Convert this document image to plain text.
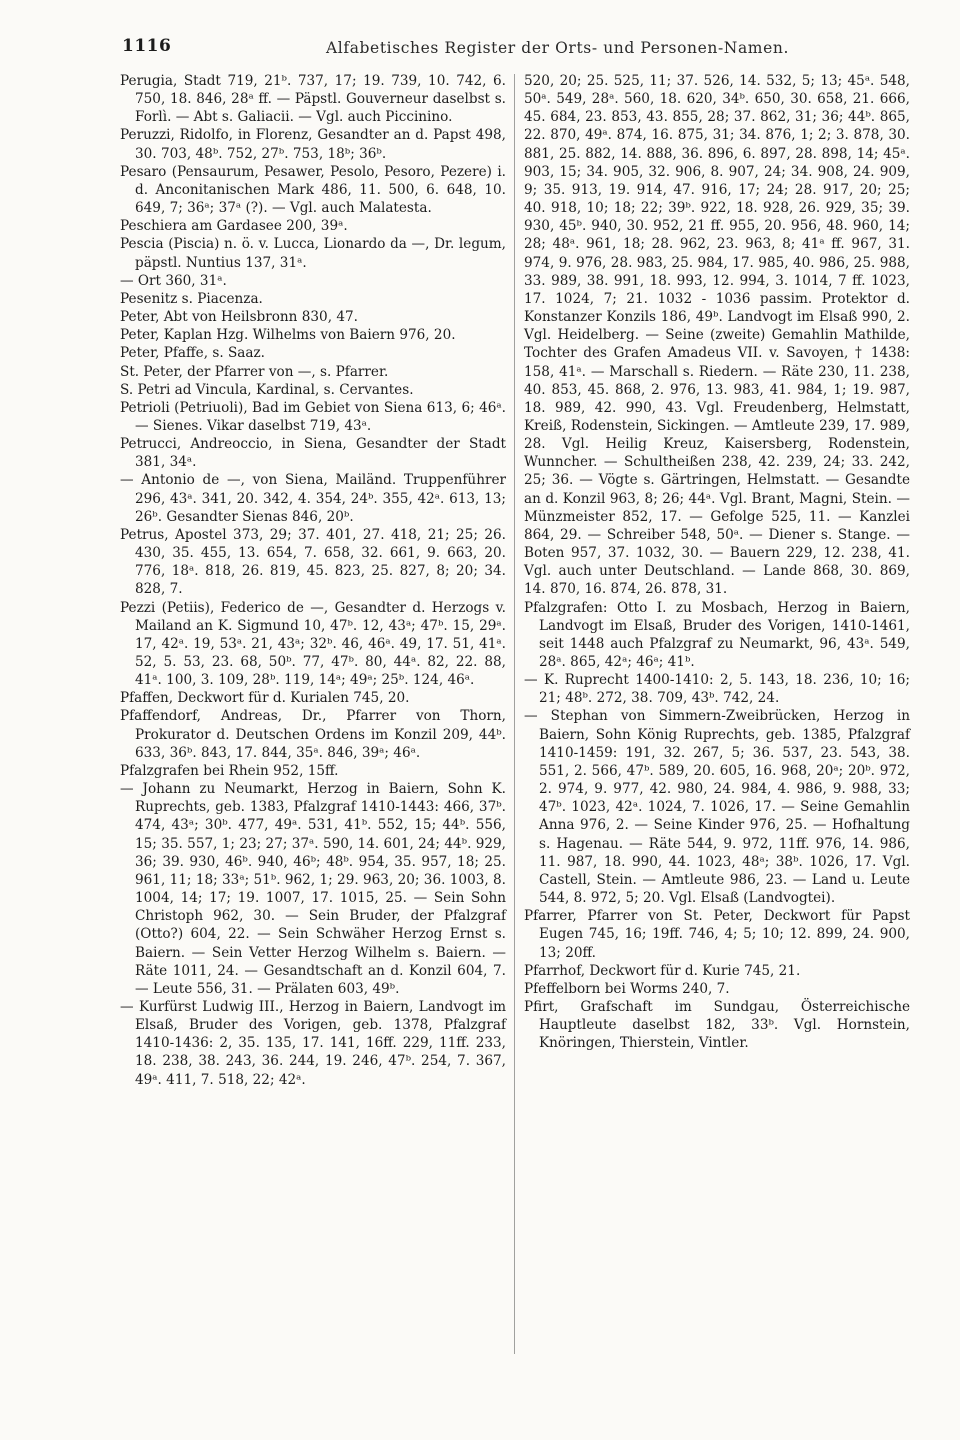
1116	Alfabetisches Register der Orts- und Personen-Namen.

Perugia, Stadt 719, 21ᵇ. 737, 17; 19. 739, 10. 742, 6. 750, 18. 846, 28ᵃ ff. — Päpstl. Gouverneur daselbst s. Forlì. — Abt s. Galiacii. — Vgl. auch Piccinino.

Peruzzi, Ridolfo, in Florenz, Gesandter an d. Papst 498, 30. 703, 48ᵇ. 752, 27ᵇ. 753, 18ᵇ; 36ᵇ.

Pesaro (Pensaurum, Pesawer, Pesolo, Pesoro, Pezere) i. d. Anconitanischen Mark 486, 11. 500, 6. 648, 10. 649, 7; 36ᵃ; 37ᵃ (?). — Vgl. auch Malatesta.

Peschiera am Gardasee 200, 39ᵃ.

Pescia (Piscia) n. ö. v. Lucca, Lionardo da —, Dr. legum, päpstl. Nuntius 137, 31ᵃ.

— Ort 360, 31ᵃ.

Pesenitz s. Piacenza.

Peter, Abt von Heilsbronn 830, 47.

Peter, Kaplan Hzg. Wilhelms von Baiern 976, 20.

Peter, Pfaffe, s. Saaz.

St. Peter, der Pfarrer von —, s. Pfarrer.

S. Petri ad Vincula, Kardinal, s. Cervantes.

Petrioli (Petriuoli), Bad im Gebiet von Siena 613, 6; 46ᵃ. — Sienes. Vikar daselbst 719, 43ᵃ.

Petrucci, Andreoccio, in Siena, Gesandter der Stadt 381, 34ᵃ.

— Antonio de —, von Siena, Mailänd. Truppenführer 296, 43ᵃ. 341, 20. 342, 4. 354, 24ᵇ. 355, 42ᵃ. 613, 13; 26ᵇ. Gesandter Sienas 846, 20ᵇ.

Petrus, Apostel 373, 29; 37. 401, 27. 418, 21; 25; 26. 430, 35. 455, 13. 654, 7. 658, 32. 661, 9. 663, 20. 776, 18ᵃ. 818, 26. 819, 45. 823, 25. 827, 8; 20; 34. 828, 7.

Pezzi (Petiis), Federico de —, Gesandter d. Herzogs v. Mailand an K. Sigmund 10, 47ᵇ. 12, 43ᵃ; 47ᵇ. 15, 29ᵃ. 17, 42ᵃ. 19, 53ᵃ. 21, 43ᵃ; 32ᵇ. 46, 46ᵃ. 49, 17. 51, 41ᵃ. 52, 5. 53, 23. 68, 50ᵇ. 77, 47ᵇ. 80, 44ᵃ. 82, 22. 88, 41ᵃ. 100, 3. 109, 28ᵇ. 119, 14ᵃ; 49ᵃ; 25ᵇ. 124, 46ᵃ.

Pfaffen, Deckwort für d. Kurialen 745, 20.

Pfaffendorf, Andreas, Dr., Pfarrer von Thorn, Prokurator d. Deutschen Ordens im Konzil 209, 44ᵇ. 633, 36ᵇ. 843, 17. 844, 35ᵃ. 846, 39ᵃ; 46ᵃ.

Pfalzgrafen bei Rhein 952, 15ff.

— Johann zu Neumarkt, Herzog in Baiern, Sohn K. Ruprechts, geb. 1383, Pfalzgraf 1410-1443: 466, 37ᵇ. 474, 43ᵃ; 30ᵇ. 477, 49ᵃ. 531, 41ᵇ. 552, 15; 44ᵇ. 556, 15; 35. 557, 1; 23; 27; 37ᵃ. 590, 14. 601, 24; 44ᵇ. 929, 36; 39. 930, 46ᵇ. 940, 46ᵇ; 48ᵇ. 954, 35. 957, 18; 25. 961, 11; 18; 33ᵃ; 51ᵇ. 962, 1; 29. 963, 20; 36. 1003, 8. 1004, 14; 17; 19. 1007, 17. 1015, 25. — Sein Sohn Christoph 962, 30. — Sein Bruder, der Pfalzgraf (Otto?) 604, 22. — Sein Schwäher Herzog Ernst s. Baiern. — Sein Vetter Herzog Wilhelm s. Baiern. — Räte 1011, 24. — Gesandtschaft an d. Konzil 604, 7. — Leute 556, 31. — Prälaten 603, 49ᵇ.

— Kurfürst Ludwig III., Herzog in Baiern, Landvogt im Elsaß, Bruder des Vorigen, geb. 1378, Pfalzgraf 1410-1436: 2, 35. 135, 17. 141, 16ff. 229, 11ff. 233, 18. 238, 38. 243, 36. 244, 19. 246, 47ᵇ. 254, 7. 367, 49ᵃ. 411, 7. 518, 22; 42ᵃ.

520, 20; 25. 525, 11; 37. 526, 14. 532, 5; 13; 45ᵃ. 548, 50ᵃ. 549, 28ᵃ. 560, 18. 620, 34ᵇ. 650, 30. 658, 21. 666, 45. 684, 23. 853, 43. 855, 28; 37. 862, 31; 36; 44ᵇ. 865, 22. 870, 49ᵃ. 874, 16. 875, 31; 34. 876, 1; 2; 3. 878, 30. 881, 25. 882, 14. 888, 36. 896, 6. 897, 28. 898, 14; 45ᵃ. 903, 15; 34. 905, 32. 906, 8. 907, 24; 34. 908, 24. 909, 9; 35. 913, 19. 914, 47. 916, 17; 24; 28. 917, 20; 25; 40. 918, 10; 18; 22; 39ᵇ. 922, 18. 928, 26. 929, 35; 39. 930, 45ᵇ. 940, 30. 952, 21 ff. 955, 20. 956, 48. 960, 14; 28; 48ᵃ. 961, 18; 28. 962, 23. 963, 8; 41ᵃ ff. 967, 31. 974, 9. 976, 28. 983, 25. 984, 17. 985, 40. 986, 25. 988, 33. 989, 38. 991, 18. 993, 12. 994, 3. 1014, 7 ff. 1023, 17. 1024, 7; 21. 1032 - 1036 passim. Protektor d. Konstanzer Konzils 186, 49ᵇ. Landvogt im Elsaß 990, 2. Vgl. Heidelberg. — Seine (zweite) Gemahlin Mathilde, Tochter des Grafen Amadeus VII. v. Savoyen, † 1438: 158, 41ᵃ. — Marschall s. Riedern. — Räte 230, 11. 238, 40. 853, 45. 868, 2. 976, 13. 983, 41. 984, 1; 19. 987, 18. 989, 42. 990, 43. Vgl. Freudenberg, Helmstatt, Kreiß, Rodenstein, Sickingen. — Amtleute 239, 17. 989, 28. Vgl. Heilig Kreuz, Kaisersberg, Rodenstein, Wunncher. — Schultheißen 238, 42. 239, 24; 33. 242, 25; 36. — Vögte s. Gärtringen, Helmstatt. — Gesandte an d. Konzil 963, 8; 26; 44ᵃ. Vgl. Brant, Magni, Stein. — Münzmeister 852, 17. — Gefolge 525, 11. — Kanzlei 864, 29. — Schreiber 548, 50ᵃ. — Diener s. Stange. — Boten 957, 37. 1032, 30. — Bauern 229, 12. 238, 41. Vgl. auch unter Deutschland. — Lande 868, 30. 869, 14. 870, 16. 874, 26. 878, 31.

Pfalzgrafen: Otto I. zu Mosbach, Herzog in Baiern, Landvogt im Elsaß, Bruder des Vorigen, 1410-1461, seit 1448 auch Pfalzgraf zu Neumarkt, 96, 43ᵃ. 549, 28ᵃ. 865, 42ᵃ; 46ᵃ; 41ᵇ.

— K. Ruprecht 1400-1410: 2, 5. 143, 18. 236, 10; 16; 21; 48ᵇ. 272, 38. 709, 43ᵇ. 742, 24.

— Stephan von Simmern-Zweibrücken, Herzog in Baiern, Sohn König Ruprechts, geb. 1385, Pfalzgraf 1410-1459: 191, 32. 267, 5; 36. 537, 23. 543, 38. 551, 2. 566, 47ᵇ. 589, 20. 605, 16. 968, 20ᵃ; 20ᵇ. 972, 2. 974, 9. 977, 42. 980, 24. 984, 4. 986, 9. 988, 33; 47ᵇ. 1023, 42ᵃ. 1024, 7. 1026, 17. — Seine Gemahlin Anna 976, 2. — Seine Kinder 976, 25. — Hofhaltung s. Hagenau. — Räte 544, 9. 972, 11ff. 976, 14. 986, 11. 987, 18. 990, 44. 1023, 48ᵃ; 38ᵇ. 1026, 17. Vgl. Castell, Stein. — Amtleute 986, 23. — Land u. Leute 544, 8. 972, 5; 20. Vgl. Elsaß (Landvogtei).

Pfarrer, Pfarrer von St. Peter, Deckwort für Papst Eugen 745, 16; 19ff. 746, 4; 5; 10; 12. 899, 24. 900, 13; 20ff.

Pfarrhof, Deckwort für d. Kurie 745, 21.

Pfeffelborn bei Worms 240, 7.

Pfirt, Grafschaft im Sundgau, Österreichische Hauptleute daselbst 182, 33ᵇ. Vgl. Hornstein, Knöringen, Thierstein, Vintler.
